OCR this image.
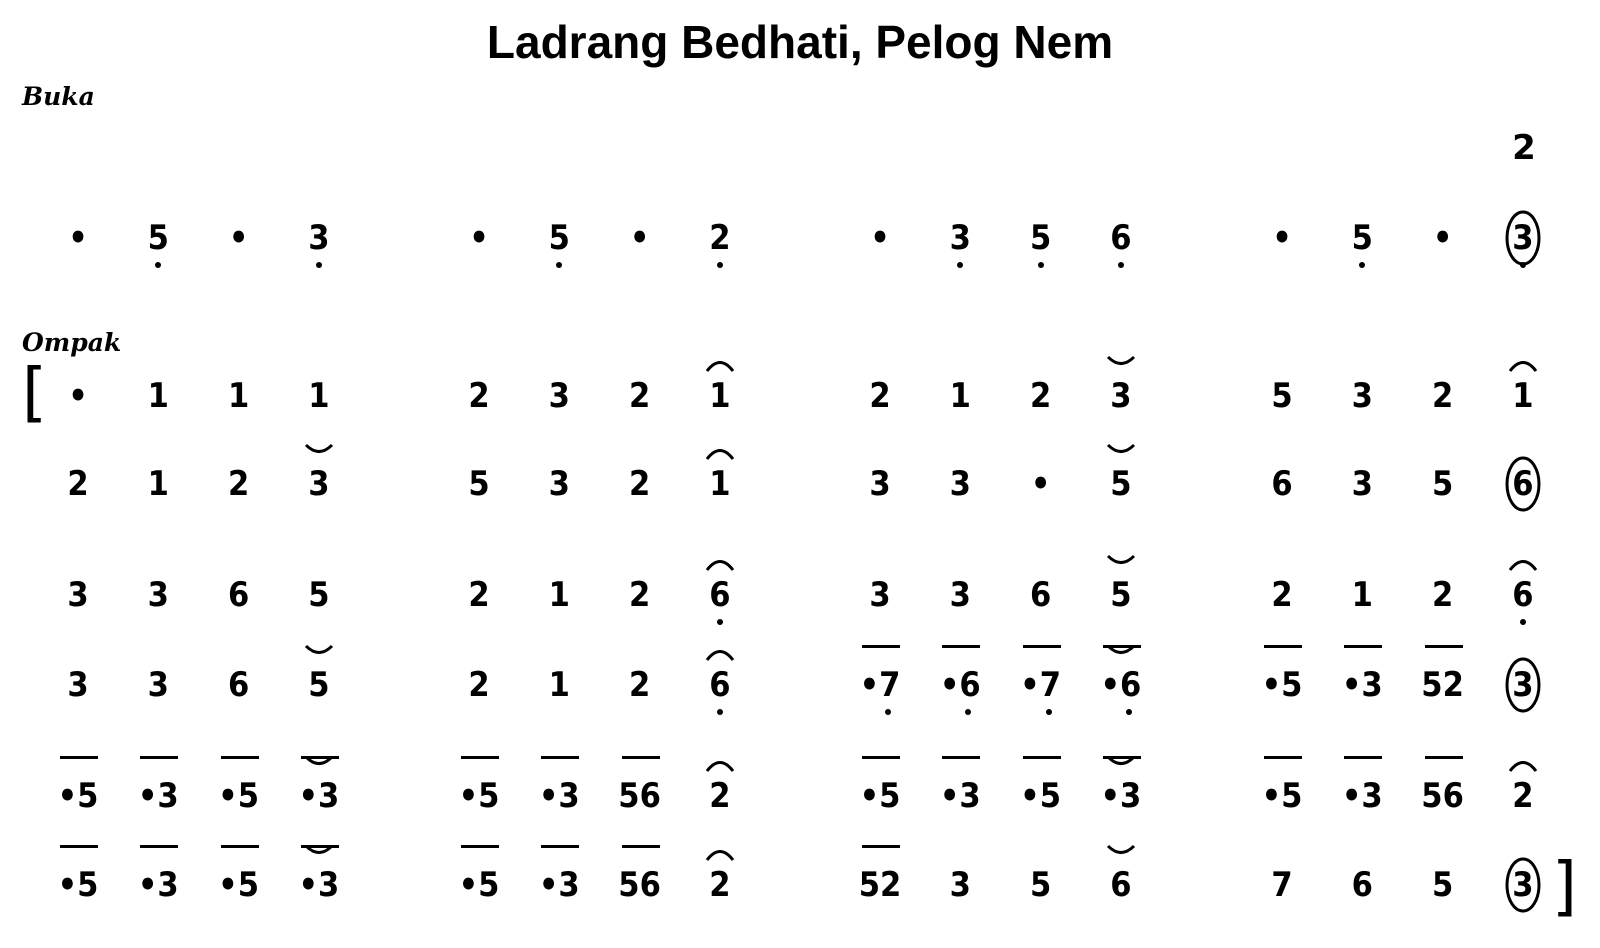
Ladrang Bedhati, Pelog Nem
Buka
2
•	5	•	3	•	5	•	2	•	3	5	6	•	5	•	3
Ompak
[ •	1	1	1	2	3	2	1	2	1	2	3	5	3	2	1
2	1	2	3	5	3	2	1	3	3	•	5	6	3	5	6
3	3	6	5	2	1	2	6	3	3	6	5	2	1	2	6
3	3	6	5	2	1	2	6	•7	•6	•7	•6	•5	•3	52	3
•5	•3	•5	•3	•5	•3	56	2	•5	•3	•5	•3	•5	•3	56	2
•5	•3	•5	•3	•5	•3	56	2	52	3	5	6	7	6	5	3 ]
